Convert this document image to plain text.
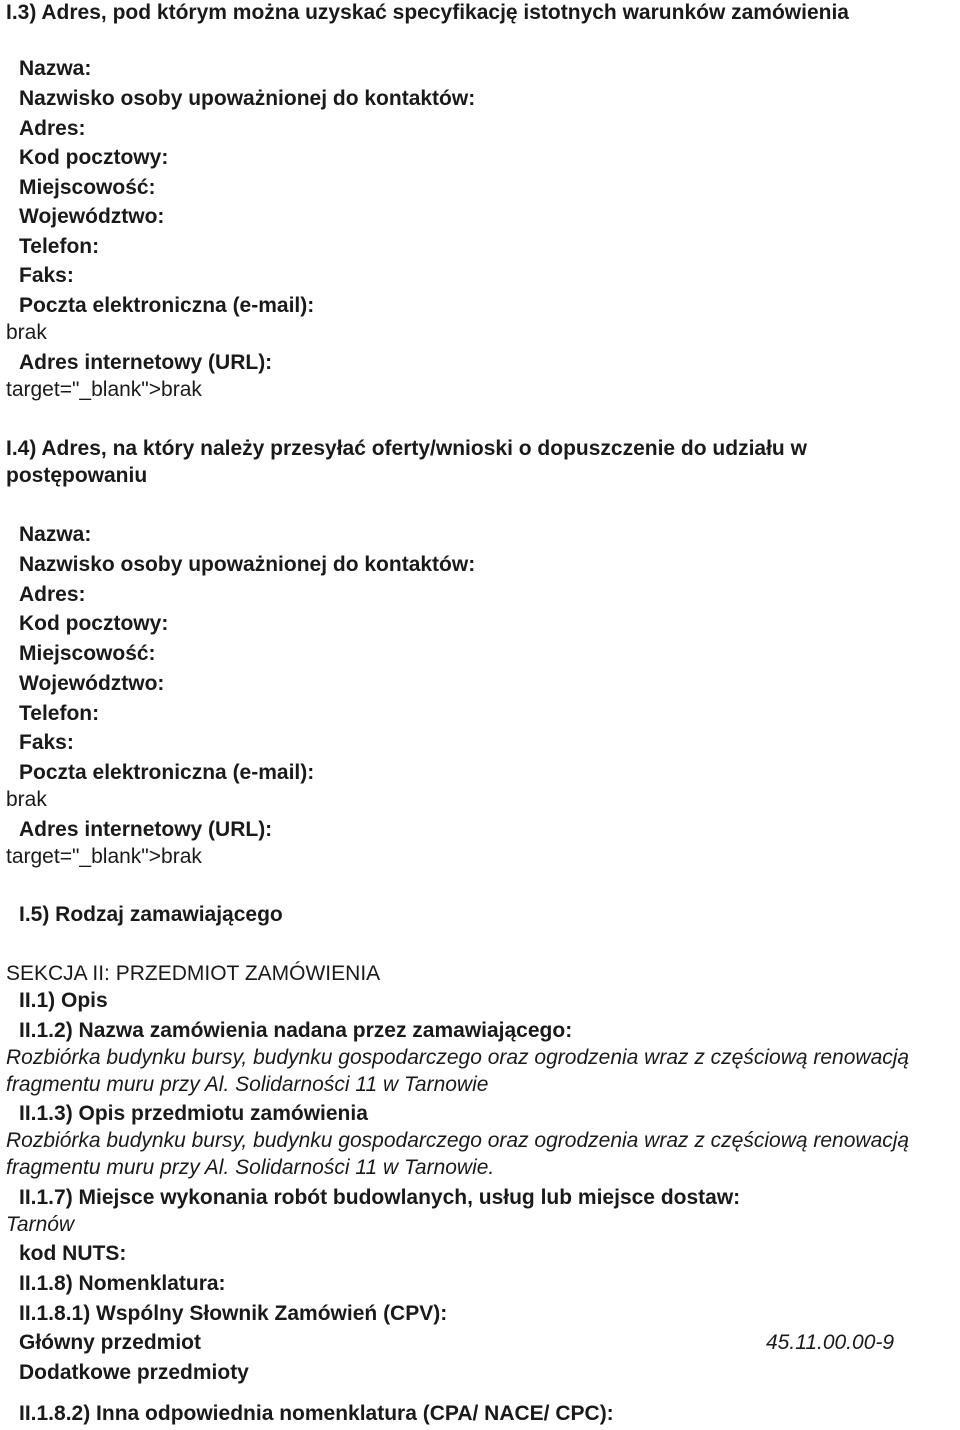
I.3) Adres, pod którym można uzyskać specyfikację istotnych warunków zamówienia
Nazwa:
Nazwisko osoby upoważnionej do kontaktów:
Adres:
Kod pocztowy:
Miejscowość:
Województwo:
Telefon:
Faks:
Poczta elektroniczna (e-mail):
brak
Adres internetowy (URL):
target="_blank">brak
I.4) Adres, na który należy przesyłać oferty/wnioski o dopuszczenie do udziału w
postępowaniu
Nazwa:
Nazwisko osoby upoważnionej do kontaktów:
Adres:
Kod pocztowy:
Miejscowość:
Województwo:
Telefon:
Faks:
Poczta elektroniczna (e-mail):
brak
Adres internetowy (URL):
target="_blank">brak
I.5) Rodzaj zamawiającego
SEKCJA II: PRZEDMIOT ZAMÓWIENIA
II.1) Opis
II.1.2) Nazwa zamówienia nadana przez zamawiającego:
Rozbiórka budynku bursy, budynku gospodarczego oraz ogrodzenia wraz z częściową renowacją
fragmentu muru przy Al. Solidarności 11 w Tarnowie
II.1.3) Opis przedmiotu zamówienia
Rozbiórka budynku bursy, budynku gospodarczego oraz ogrodzenia wraz z częściową renowacją
fragmentu muru przy Al. Solidarności 11 w Tarnowie.
II.1.7) Miejsce wykonania robót budowlanych, usług lub miejsce dostaw:
Tarnów
kod NUTS:
II.1.8) Nomenklatura:
II.1.8.1) Wspólny Słownik Zamówień (CPV):
Główny przedmiot	45.11.00.00-9
Dodatkowe przedmioty
II.1.8.2) Inna odpowiednia nomenklatura (CPA/ NACE/ CPC):
